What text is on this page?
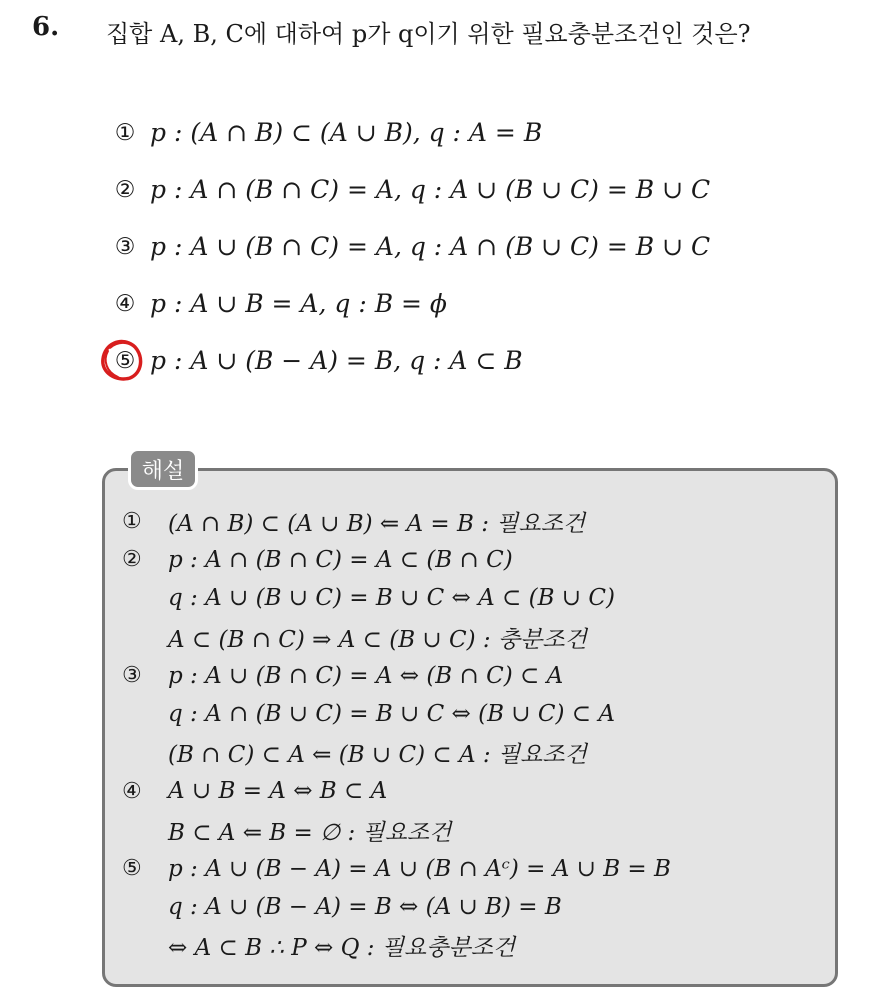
6. 집합 A, B, C에 대하여 p가 q이기 위한 필요충분조건인 것은?
① p : (A ∩ B) ⊂ (A ∪ B), q : A = B
② p : A ∩ (B ∩ C) = A, q : A ∪ (B ∪ C) = B ∪ C
③ p : A ∪ (B ∩ C) = A, q : A ∩ (B ∪ C) = B ∪ C
④ p : A ∪ B = A, q : B = ϕ
⑤ p : A ∪ (B − A) = B, q : A ⊂ B
해설
①	(A ∩ B) ⊂ (A ∪ B) ⇐ A = B : 필요조건
②	p : A ∩ (B ∩ C) = A ⊂ (B ∩ C)
q : A ∪ (B ∪ C) = B ∪ C ⇔ A ⊂ (B ∪ C)
A ⊂ (B ∩ C) ⇒ A ⊂ (B ∪ C) : 충분조건
③	p : A ∪ (B ∩ C) = A ⇔ (B ∩ C) ⊂ A
q : A ∩ (B ∪ C) = B ∪ C ⇔ (B ∪ C) ⊂ A
(B ∩ C) ⊂ A ⇐ (B ∪ C) ⊂ A : 필요조건
④	A ∪ B = A ⇔ B ⊂ A
B ⊂ A ⇐ B = ∅ : 필요조건
⑤	p : A ∪ (B − A) = A ∪ (B ∩ Aᶜ) = A ∪ B = B
q : A ∪ (B − A) = B ⇔ (A ∪ B) = B
⇔ A ⊂ B ∴ P ⇔ Q : 필요충분조건
